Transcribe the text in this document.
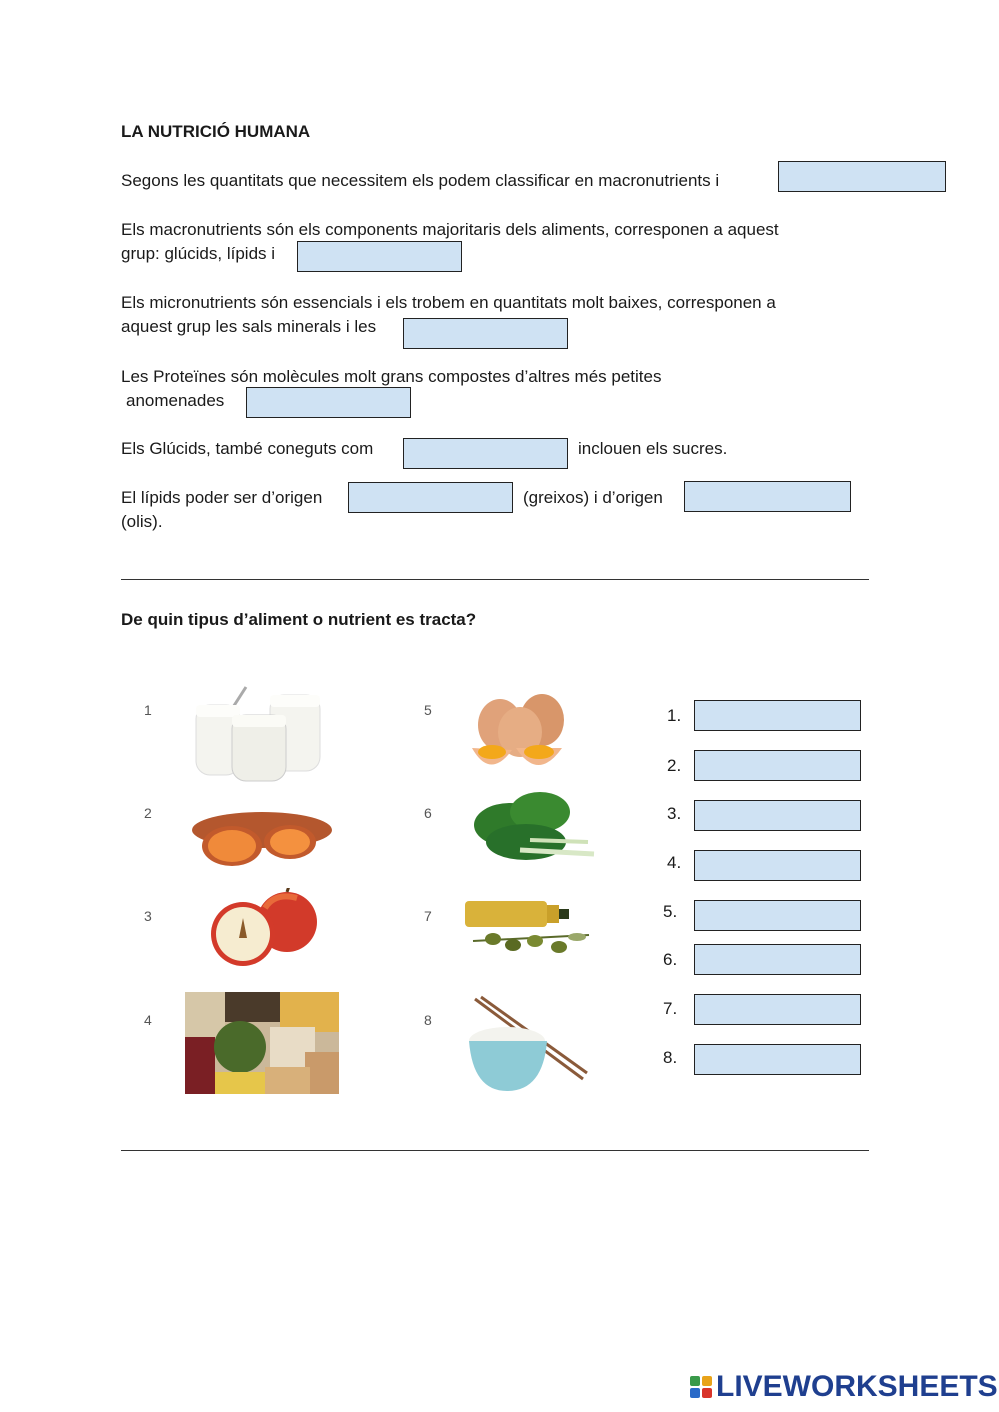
LA NUTRICIÓ HUMANA
Segons les quantitats que necessitem els podem classificar en macronutrients i
Els macronutrients són els components majoritaris dels aliments, corresponen a aquest
grup: glúcids, lípids i
Els micronutrients són essencials i els trobem en quantitats molt baixes, corresponen a
aquest grup les sals minerals i les
Les Proteïnes són molècules molt grans compostes d’altres més petites
anomenades
Els Glúcids, també coneguts com	inclouen els sucres.
El lípids poder ser d’origen	(greixos) i d’origen
(olis).
De quin tipus d’aliment o nutrient es tracta?
1
2
3
4
5
6
7
8
1.
2.
3.
4.
5.
6.
7.
8.
LIVEWORKSHEETS
